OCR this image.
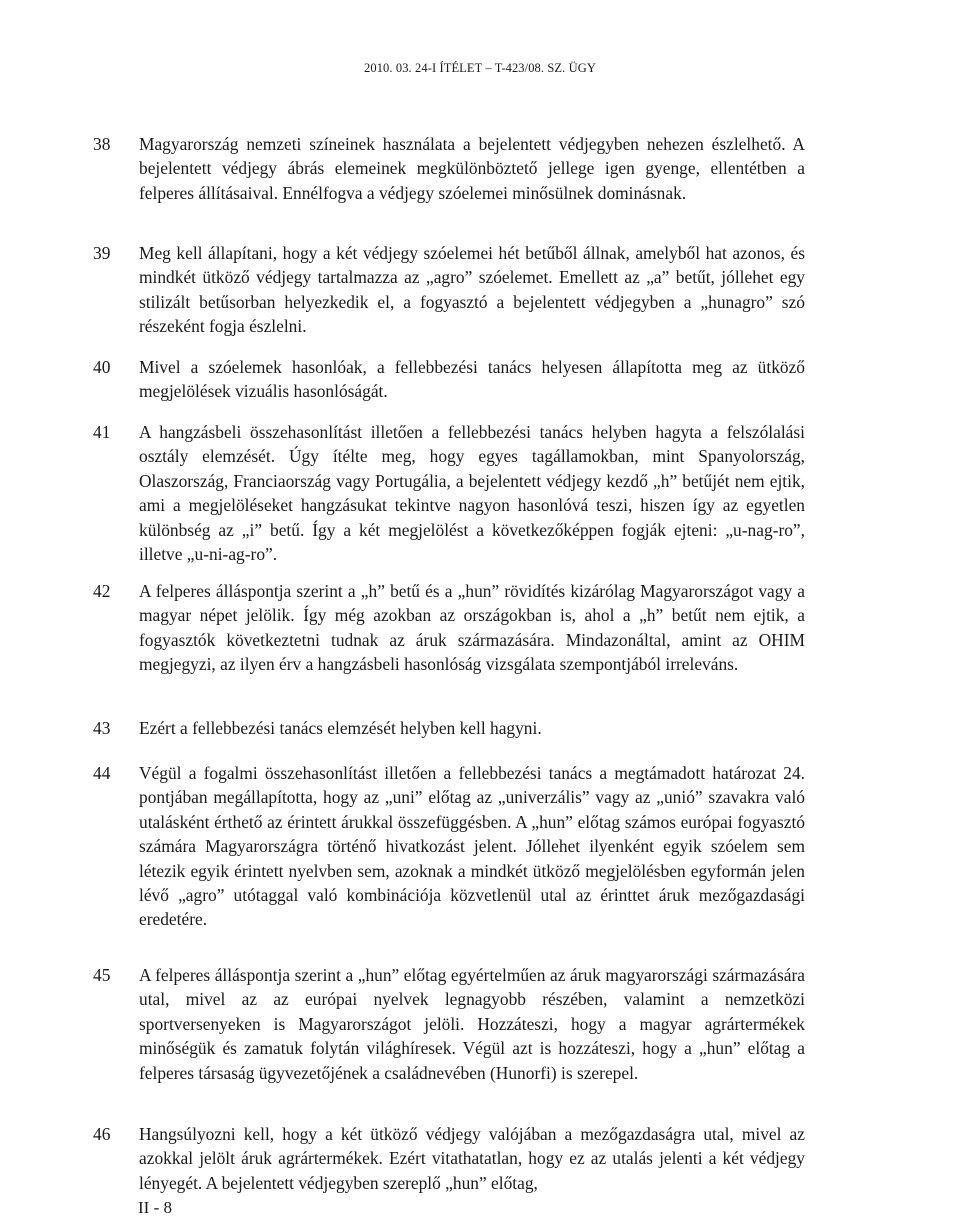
2010. 03. 24-I ÍTÉLET – T-423/08. SZ. ÜGY
38	Magyarország nemzeti színeinek használata a bejelentett védjegyben nehezen észlelhető. A bejelentett védjegy ábrás elemeinek megkülönböztető jellege igen gyenge, ellentétben a felperes állításaival. Ennélfogva a védjegy szóelemei minősülnek dominásnak.
39	Meg kell állapítani, hogy a két védjegy szóelemei hét betűből állnak, amelyből hat azonos, és mindkét ütköző védjegy tartalmazza az „agro” szóelemet. Emellett az „a” betűt, jóllehet egy stilizált betűsorban helyezkedik el, a fogyasztó a bejelentett védjegyben a „hunagro” szó részeként fogja észlelni.
40	Mivel a szóelemek hasonlóak, a fellebbezési tanács helyesen állapította meg az ütköző megjelölések vizuális hasonlóságát.
41	A hangzásbeli összehasonlítást illetően a fellebbezési tanács helyben hagyta a felszólalási osztály elemzését. Úgy ítélte meg, hogy egyes tagállamokban, mint Spanyolország, Olaszország, Franciaország vagy Portugália, a bejelentett védjegy kezdő „h” betűjét nem ejtik, ami a megjelöléseket hangzásukat tekintve nagyon hasonlóvá teszi, hiszen így az egyetlen különbség az „i” betű. Így a két megjelölést a következőképpen fogják ejteni: „u-nag-ro”, illetve „u-ni-ag-ro”.
42	A felperes álláspontja szerint a „h” betű és a „hun” rövidítés kizárólag Magyarországot vagy a magyar népet jelölik. Így még azokban az országokban is, ahol a „h” betűt nem ejtik, a fogyasztók következtetni tudnak az áruk származására. Mindazonáltal, amint az OHIM megjegyzi, az ilyen érv a hangzásbeli hasonlóság vizsgálata szempontjából irreleváns.
43	Ezért a fellebbezési tanács elemzését helyben kell hagyni.
44	Végül a fogalmi összehasonlítást illetően a fellebbezési tanács a megtámadott határozat 24. pontjában megállapította, hogy az „uni” előtag az „univerzális” vagy az „unió” szavakra való utalásként érthető az érintett árukkal összefüggésben. A „hun” előtag számos európai fogyasztó számára Magyarországra történő hivatkozást jelent. Jóllehet ilyenként egyik szóelem sem létezik egyik érintett nyelvben sem, azoknak a mindkét ütköző megjelölésben egyformán jelen lévő „agro” utótaggal való kombinációja közvetlenül utal az érinttet áruk mezőgazdasági eredetére.
45	A felperes álláspontja szerint a „hun” előtag egyértelműen az áruk magyarországi származására utal, mivel az az európai nyelvek legnagyobb részében, valamint a nemzetközi sportversenyeken is Magyarországot jelöli. Hozzáteszi, hogy a magyar agrártermékek minőségük és zamatuk folytán világhíresek. Végül azt is hozzáteszi, hogy a „hun” előtag a felperes társaság ügyvezetőjének a családnevében (Hunorfi) is szerepel.
46	Hangsúlyozni kell, hogy a két ütköző védjegy valójában a mezőgazdaságra utal, mivel az azokkal jelölt áruk agrártermékek. Ezért vitathatatlan, hogy ez az utalás jelenti a két védjegy lényegét. A bejelentett védjegyben szereplő „hun” előtag,
II - 8
